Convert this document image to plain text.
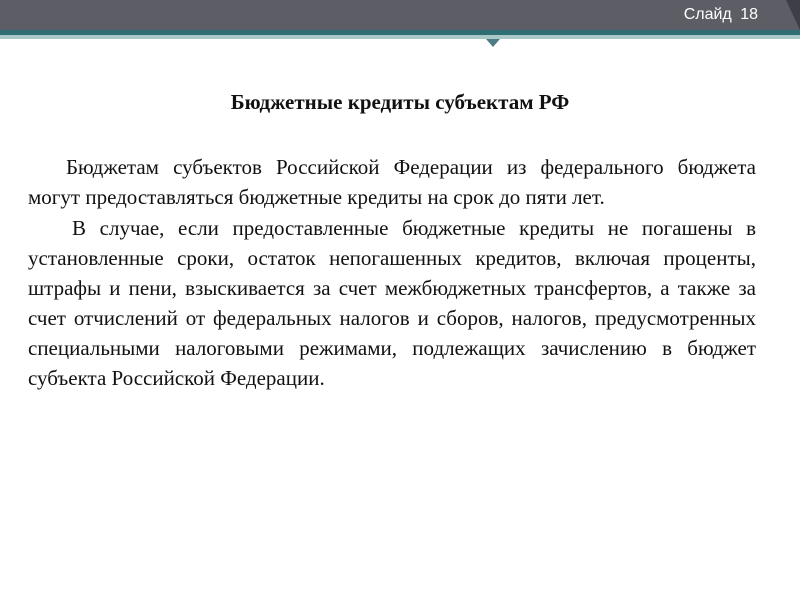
Слайд 18
Бюджетные кредиты субъектам РФ

Бюджетам субъектов Российской Федерации из федерального бюджета могут предоставляться бюджетные кредиты на срок до пяти лет.

В случае, если предоставленные бюджетные кредиты не погашены в установленные сроки, остаток непогашенных кредитов, включая проценты, штрафы и пени, взыскивается за счет межбюджетных трансфертов, а также за счет отчислений от федеральных налогов и сборов, налогов, предусмотренных специальными налоговыми режимами, подлежащих зачислению в бюджет субъекта Российской Федерации.
